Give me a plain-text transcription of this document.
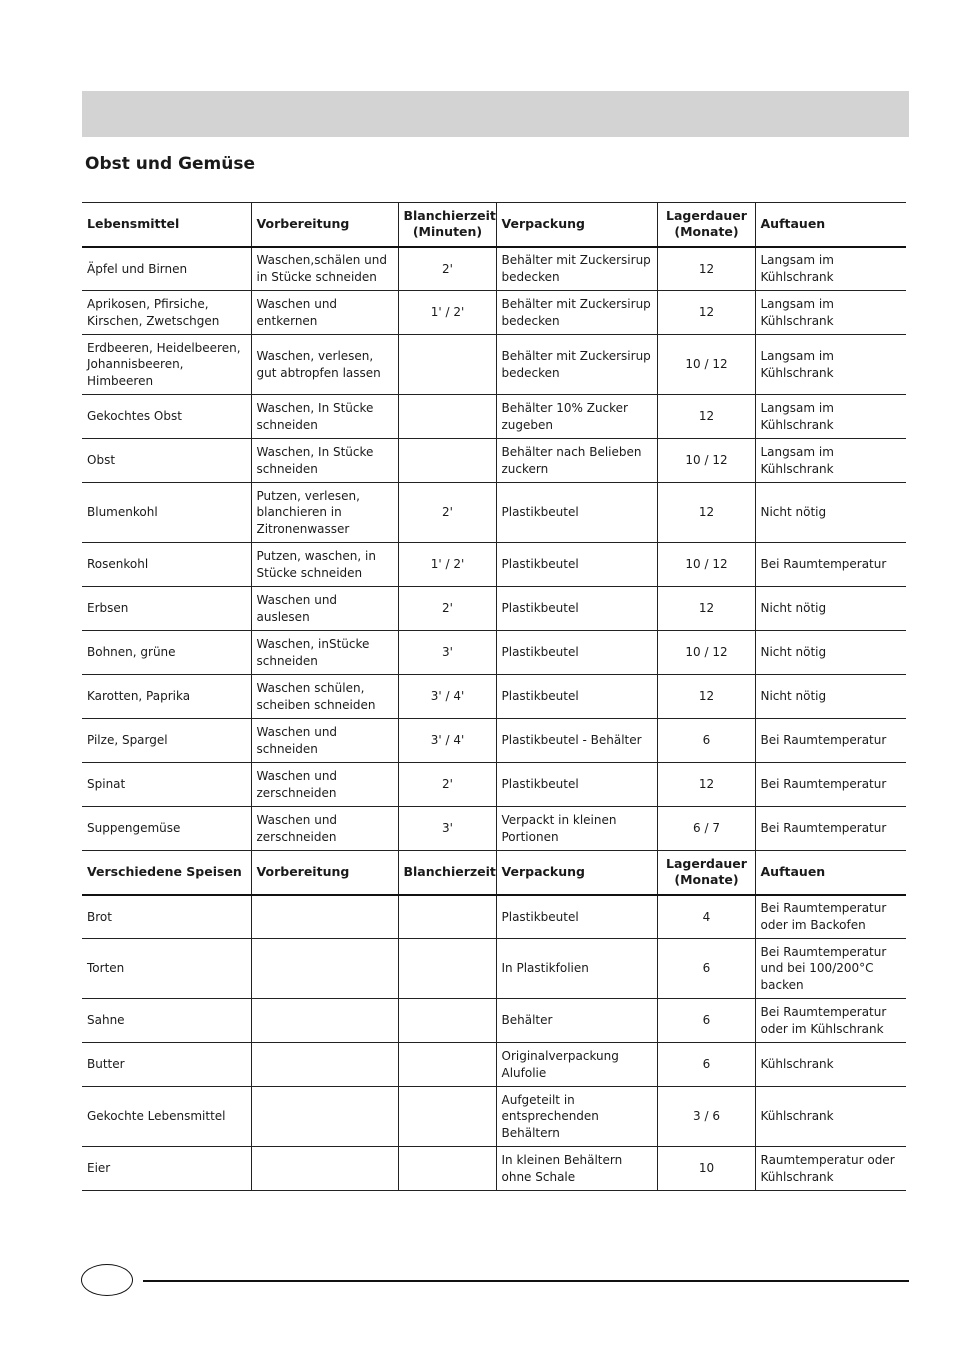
Obst und Gemüse
Lebensmittel	Vorbereitung	Blanchierzeit (Minuten)	Verpackung	Lagerdauer (Monate)	Auftauen
Äpfel und Birnen	Waschen,schälen und in Stücke schneiden	2'	Behälter mit Zuckersirup bedecken	12	Langsam im Kühlschrank
Aprikosen, Pfirsiche, Kirschen, Zwetschgen	Waschen und entkernen	1' / 2'	Behälter mit Zuckersirup bedecken	12	Langsam im Kühlschrank
Erdbeeren, Heidelbeeren, Johannisbeeren, Himbeeren	Waschen, verlesen, gut abtropfen lassen		Behälter mit Zuckersirup bedecken	10 / 12	Langsam im Kühlschrank
Gekochtes Obst	Waschen, In Stücke schneiden		Behälter 10% Zucker zugeben	12	Langsam im Kühlschrank
Obst	Waschen, In Stücke schneiden		Behälter nach Belieben zuckern	10 / 12	Langsam im Kühlschrank
Blumenkohl	Putzen, verlesen, blanchieren in Zitronenwasser	2'	Plastikbeutel	12	Nicht nötig
Rosenkohl	Putzen, waschen, in Stücke schneiden	1' / 2'	Plastikbeutel	10 / 12	Bei Raumtemperatur
Erbsen	Waschen und auslesen	2'	Plastikbeutel	12	Nicht nötig
Bohnen, grüne	Waschen, inStücke schneiden	3'	Plastikbeutel	10 / 12	Nicht nötig
Karotten, Paprika	Waschen schülen, scheiben schneiden	3' / 4'	Plastikbeutel	12	Nicht nötig
Pilze, Spargel	Waschen und schneiden	3' / 4'	Plastikbeutel - Behälter	6	Bei Raumtemperatur
Spinat	Waschen und zerschneiden	2'	Plastikbeutel	12	Bei Raumtemperatur
Suppengemüse	Waschen und zerschneiden	3'	Verpackt in kleinen Portionen	6 / 7	Bei Raumtemperatur
Verschiedene Speisen	Vorbereitung	Blanchierzeit	Verpackung	Lagerdauer (Monate)	Auftauen
Brot			Plastikbeutel	4	Bei Raumtemperatur oder im Backofen
Torten			In Plastikfolien	6	Bei Raumtemperatur und bei 100/200°C backen
Sahne			Behälter	6	Bei Raumtemperatur oder im Kühlschrank
Butter			Originalverpackung Alufolie	6	Kühlschrank
Gekochte Lebensmittel			Aufgeteilt in entsprechenden Behältern	3 / 6	Kühlschrank
Eier			In kleinen Behältern ohne Schale	10	Raumtemperatur oder Kühlschrank
